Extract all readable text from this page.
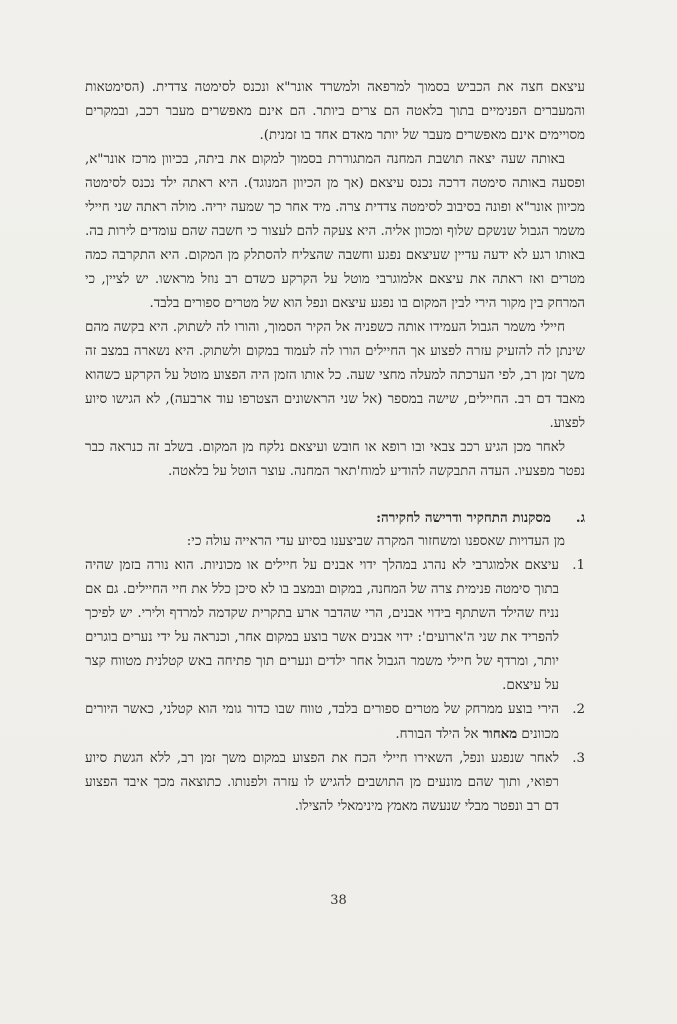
עיצאם חצה את הכביש בסמוך למרפאה ולמשרד אונר"א ונכנס לסימטה צדדית. (הסימטאות והמעברים הפנימיים בתוך בלאטה הם צרים ביותר. הם אינם מאפשרים מעבר רכב, ובמקרים מסויימים אינם מאפשרים מעבר של יותר מאדם אחד בו זמנית).

באותה שעה יצאה תושבת המחנה המתגוררת בסמוך למקום את ביתה, בכיוון מרכז אונר"א, ופסעה באותה סימטה דרכה נכנס עיצאם (אך מן הכיוון המנוגד). היא ראתה ילד נכנס לסימטה מכיוון אונר"א ופונה בסיבוב לסימטה צדדית צרה. מיד אחר כך שמעה יריה. מולה ראתה שני חיילי משמר הגבול שנשקם שלוף ומכוון אליה. היא צעקה להם לעצור כי חשבה שהם עומדים לירות בה. באותו רגע לא ידעה עדיין שעיצאם נפגע וחשבה שהצליח להסתלק מן המקום. היא התקרבה כמה מטרים ואז ראתה את עיצאם אלמוגרבי מוטל על הקרקע כשדם רב נוזל מראשו. יש לציין, כי המרחק בין מקור הירי לבין המקום בו נפגע עיצאם ונפל הוא של מטרים ספורים בלבד.

חיילי משמר הגבול העמידו אותה כשפניה אל הקיר הסמוך, והורו לה לשתוק. היא בקשה מהם שינתן לה להזעיק עזרה לפצוע אך החיילים הורו לה לעמוד במקום ולשתוק. היא נשארה במצב זה משך זמן רב, לפי הערכתה למעלה מחצי שעה. כל אותו הזמן היה הפצוע מוטל על הקרקע כשהוא מאבד דם רב. החיילים, שישה במספר (אל שני הראשונים הצטרפו עוד ארבעה), לא הגישו סיוע לפצוע.

לאחר מכן הגיע רכב צבאי ובו רופא או חובש ועיצאם נלקח מן המקום. בשלב זה כנראה כבר נפטר מפצעיו. העדה התבקשה להודיע למוח'תאר המחנה. עוצר הוטל על בלאטה.

ג.
מסקנות התחקיר ודרישה לחקירה:

מן העדויות שאספנו ומשחזור המקרה שביצענו בסיוע עדי הראייה עולה כי:

1.
עיצאם אלמוגרבי לא נהרג במהלך ידוי אבנים על חיילים או מכוניות. הוא נורה בזמן שהיה בתוך סימטה פנימית צרה של המחנה, במקום ובמצב בו לא סיכן כלל את חיי החיילים. גם אם נניח שהילד השתתף בידוי אבנים, הרי שהדבר ארע בתקרית שקדמה למרדף ולירי. יש לפיכך להפריד את שני ה'ארועים': ידוי אבנים אשר בוצע במקום אחר, וכנראה על ידי נערים בוגרים יותר, ומרדף של חיילי משמר הגבול אחר ילדים ונערים תוך פתיחה באש קטלנית מטווח קצר על עיצאם.
2.
הירי בוצע ממרחק של מטרים ספורים בלבד, טווח שבו כדור גומי הוא קטלני, כאשר היורים מכוונים מאחור אל הילד הבורח.
3.
לאחר שנפגע ונפל, השאירו חיילי הכח את הפצוע במקום משך זמן רב, ללא הגשת סיוע רפואי, ותוך שהם מונעים מן התושבים להגיש לו עזרה ולפנותו. כתוצאה מכך איבד הפצוע דם רב ונפטר מבלי שנעשה מאמץ מינימאלי להצילו.
38
